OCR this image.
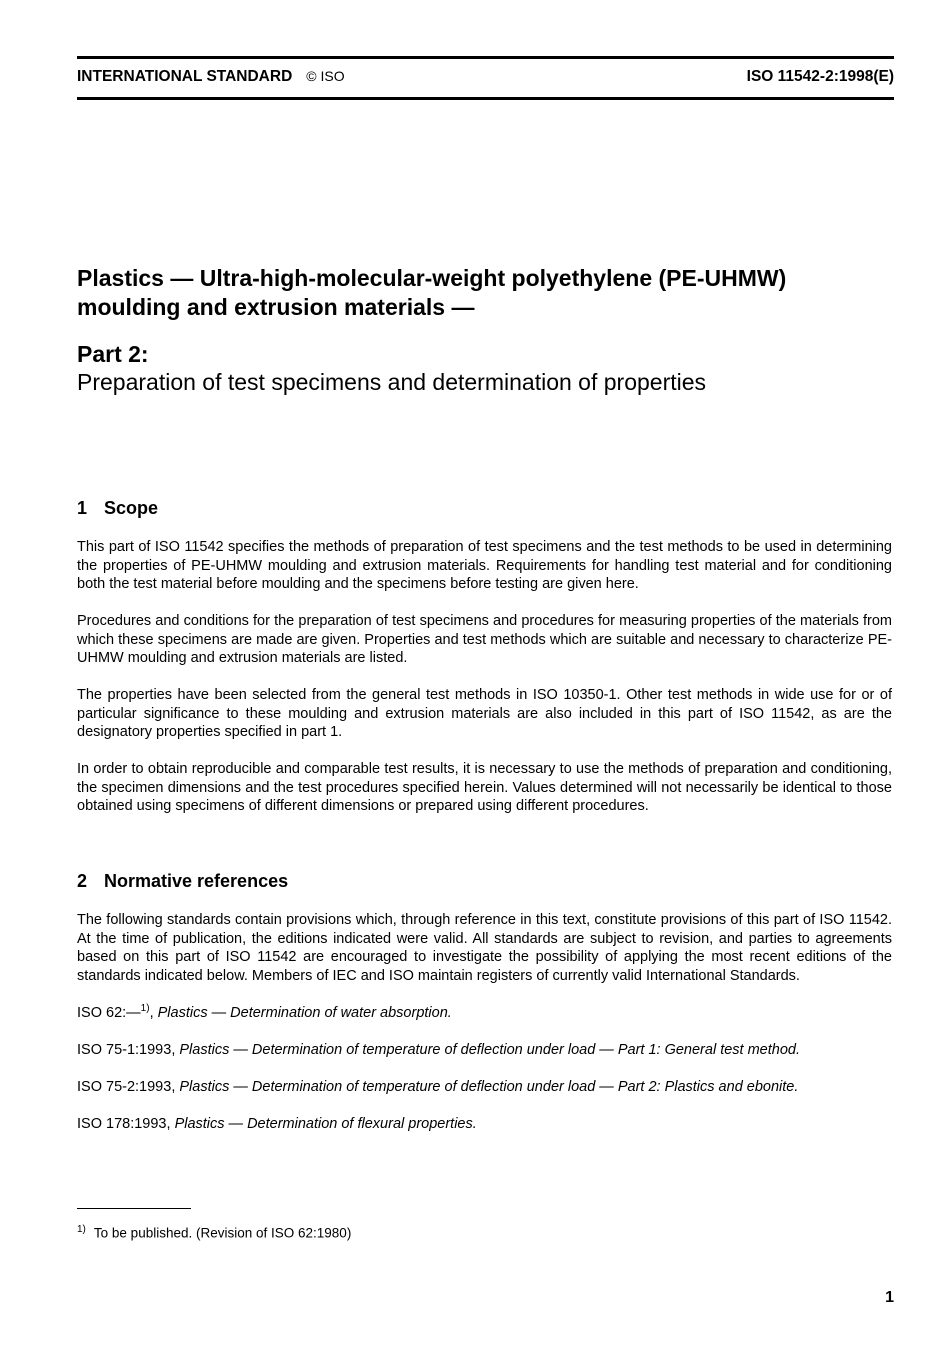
INTERNATIONAL STANDARD © ISO	ISO 11542-2:1998(E)
Plastics — Ultra-high-molecular-weight polyethylene (PE-UHMW)
moulding and extrusion materials —
Part 2:
Preparation of test specimens and determination of properties
1 Scope

This part of ISO 11542 specifies the methods of preparation of test specimens and the test methods to be used in determining the properties of PE-UHMW moulding and extrusion materials. Requirements for handling test material and for conditioning both the test material before moulding and the specimens before testing are given here.

Procedures and conditions for the preparation of test specimens and procedures for measuring properties of the materials from which these specimens are made are given. Properties and test methods which are suitable and necessary to characterize PE-UHMW moulding and extrusion materials are listed.

The properties have been selected from the general test methods in ISO 10350-1. Other test methods in wide use for or of particular significance to these moulding and extrusion materials are also included in this part of ISO 11542, as are the designatory properties specified in part 1.

In order to obtain reproducible and comparable test results, it is necessary to use the methods of preparation and conditioning, the specimen dimensions and the test procedures specified herein. Values determined will not necessarily be identical to those obtained using specimens of different dimensions or prepared using different procedures.

2 Normative references

The following standards contain provisions which, through reference in this text, constitute provisions of this part of ISO 11542. At the time of publication, the editions indicated were valid. All standards are subject to revision, and parties to agreements based on this part of ISO 11542 are encouraged to investigate the possibility of applying the most recent editions of the standards indicated below. Members of IEC and ISO maintain registers of currently valid International Standards.

ISO 62:—$^{1)}$, Plastics — Determination of water absorption.
ISO 75-1:1993, Plastics — Determination of temperature of deflection under load — Part 1: General test method.
ISO 75-2:1993, Plastics — Determination of temperature of deflection under load — Part 2: Plastics and ebonite.
ISO 178:1993, Plastics — Determination of flexural properties.
$^{1)}$ To be published. (Revision of ISO 62:1980)
1
